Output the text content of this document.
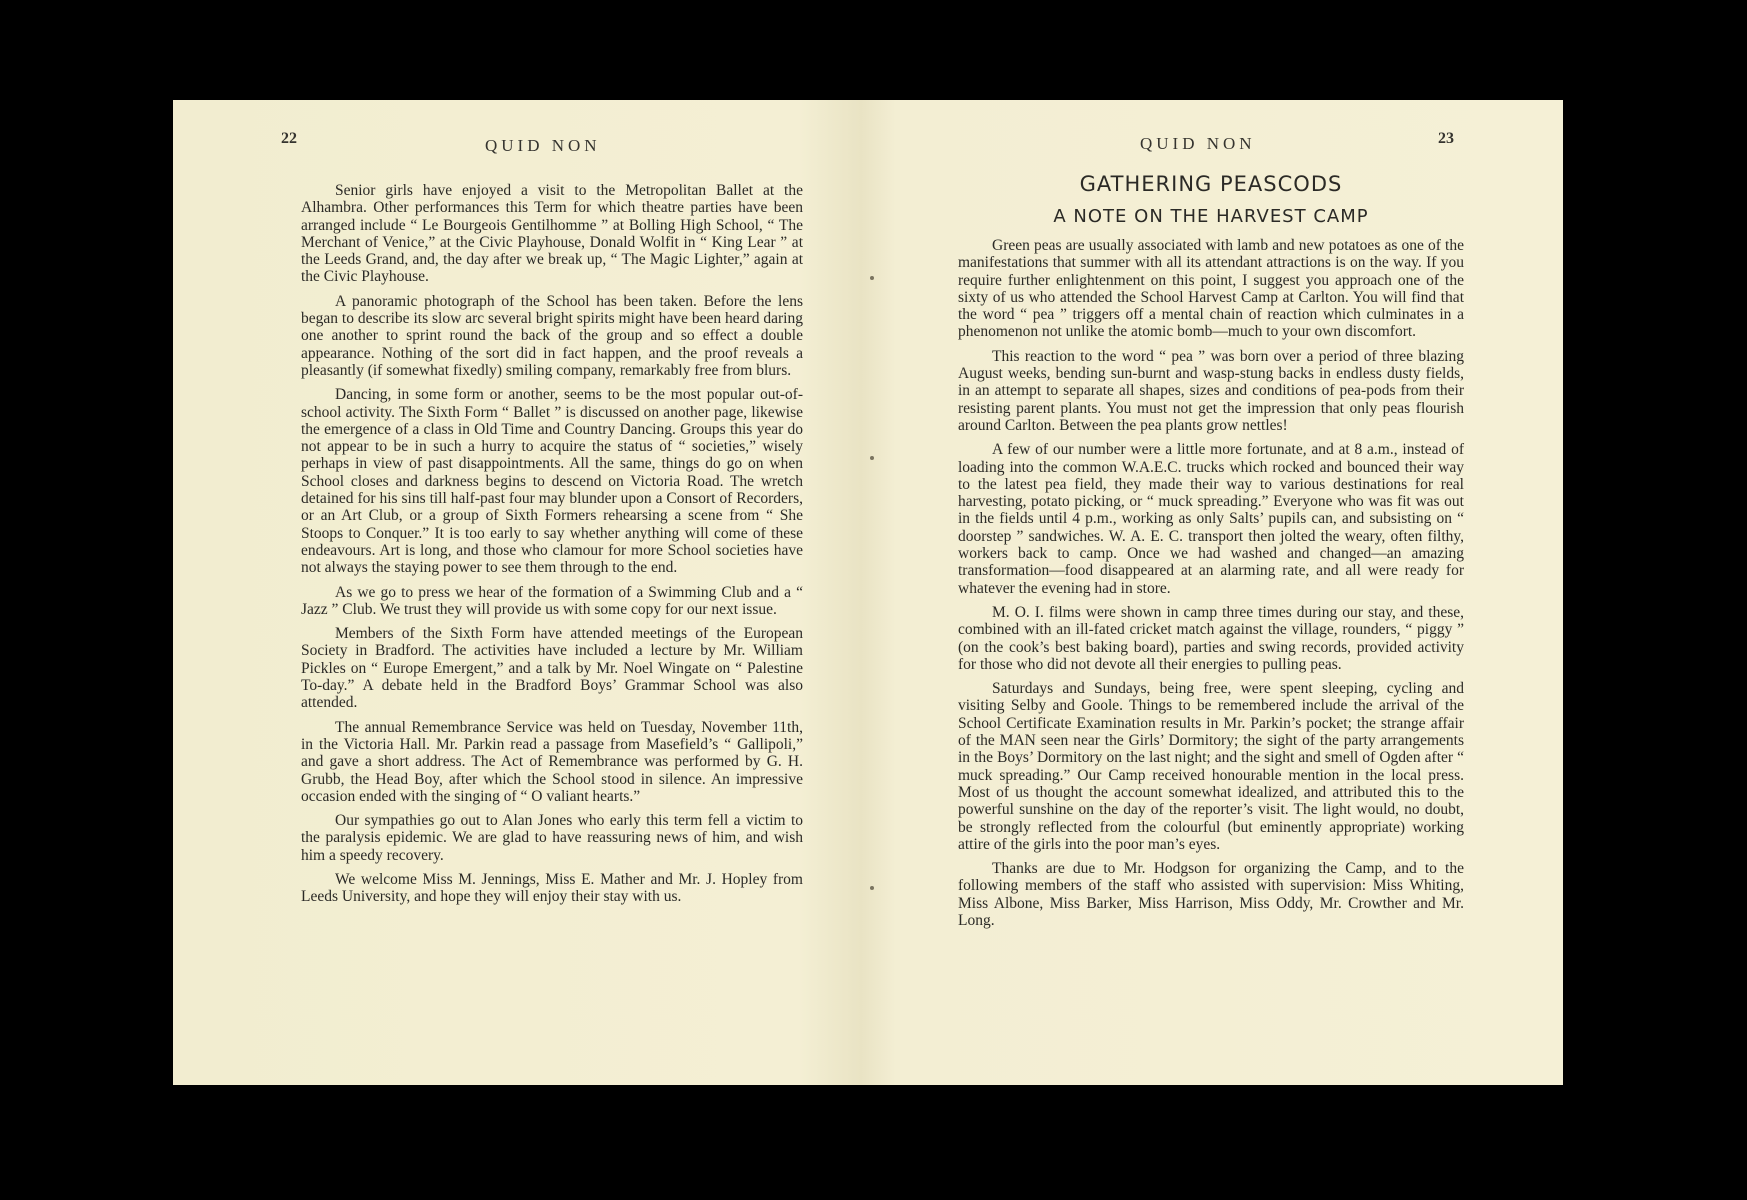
22	QUID NON

Senior girls have enjoyed a visit to the Metropolitan Ballet at the Alhambra. Other performances this Term for which theatre parties have been arranged include “ Le Bourgeois Gentilhomme ” at Bolling High School, “ The Merchant of Venice,” at the Civic Playhouse, Donald Wolfit in “ King Lear ” at the Leeds Grand, and, the day after we break up, “ The Magic Lighter,” again at the Civic Playhouse.

A panoramic photograph of the School has been taken. Before the lens began to describe its slow arc several bright spirits might have been heard daring one another to sprint round the back of the group and so effect a double appearance. Nothing of the sort did in fact happen, and the proof reveals a pleasantly (if somewhat fixedly) smiling company, remarkably free from blurs.

Dancing, in some form or another, seems to be the most popular out-of-school activity. The Sixth Form “ Ballet ” is discussed on another page, likewise the emergence of a class in Old Time and Country Dancing. Groups this year do not appear to be in such a hurry to acquire the status of “ societies,” wisely perhaps in view of past disappointments. All the same, things do go on when School closes and darkness begins to descend on Victoria Road. The wretch detained for his sins till half-past four may blunder upon a Consort of Recorders, or an Art Club, or a group of Sixth Formers rehearsing a scene from “ She Stoops to Conquer.” It is too early to say whether anything will come of these endeavours. Art is long, and those who clamour for more School societies have not always the staying power to see them through to the end.

As we go to press we hear of the formation of a Swimming Club and a “ Jazz ” Club. We trust they will provide us with some copy for our next issue.

Members of the Sixth Form have attended meetings of the European Society in Bradford. The activities have included a lecture by Mr. William Pickles on “ Europe Emergent,” and a talk by Mr. Noel Wingate on “ Palestine To-day.” A debate held in the Bradford Boys’ Grammar School was also attended.

The annual Remembrance Service was held on Tuesday, November 11th, in the Victoria Hall. Mr. Parkin read a passage from Masefield’s “ Gallipoli,” and gave a short address. The Act of Remembrance was performed by G. H. Grubb, the Head Boy, after which the School stood in silence. An impressive occasion ended with the singing of “ O valiant hearts.”

Our sympathies go out to Alan Jones who early this term fell a victim to the paralysis epidemic. We are glad to have reassuring news of him, and wish him a speedy recovery.

We welcome Miss M. Jennings, Miss E. Mather and Mr. J. Hopley from Leeds University, and hope they will enjoy their stay with us.

QUID NON	23
GATHERING PEASCODS
A NOTE ON THE HARVEST CAMP

Green peas are usually associated with lamb and new potatoes as one of the manifestations that summer with all its attendant attractions is on the way. If you require further enlightenment on this point, I suggest you approach one of the sixty of us who attended the School Harvest Camp at Carlton. You will find that the word “ pea ” triggers off a mental chain of reaction which culminates in a phenomenon not unlike the atomic bomb—much to your own discomfort.

This reaction to the word “ pea ” was born over a period of three blazing August weeks, bending sun-burnt and wasp-stung backs in endless dusty fields, in an attempt to separate all shapes, sizes and conditions of pea-pods from their resisting parent plants. You must not get the impression that only peas flourish around Carlton. Between the pea plants grow nettles!

A few of our number were a little more fortunate, and at 8 a.m., instead of loading into the common W.A.E.C. trucks which rocked and bounced their way to the latest pea field, they made their way to various destinations for real harvesting, potato picking, or “ muck spreading.” Everyone who was fit was out in the fields until 4 p.m., working as only Salts’ pupils can, and subsisting on “ doorstep ” sandwiches. W. A. E. C. transport then jolted the weary, often filthy, workers back to camp. Once we had washed and changed—an amazing transformation—food disappeared at an alarming rate, and all were ready for whatever the evening had in store.

M. O. I. films were shown in camp three times during our stay, and these, combined with an ill-fated cricket match against the village, rounders, “ piggy ” (on the cook’s best baking board), parties and swing records, provided activity for those who did not devote all their energies to pulling peas.

Saturdays and Sundays, being free, were spent sleeping, cycling and visiting Selby and Goole. Things to be remembered include the arrival of the School Certificate Examination results in Mr. Parkin’s pocket; the strange affair of the MAN seen near the Girls’ Dormitory; the sight of the party arrangements in the Boys’ Dormitory on the last night; and the sight and smell of Ogden after “ muck spreading.” Our Camp received honourable mention in the local press. Most of us thought the account somewhat idealized, and attributed this to the powerful sunshine on the day of the reporter’s visit. The light would, no doubt, be strongly reflected from the colourful (but eminently appropriate) working attire of the girls into the poor man’s eyes.

Thanks are due to Mr. Hodgson for organizing the Camp, and to the following members of the staff who assisted with supervision: Miss Whiting, Miss Albone, Miss Barker, Miss Harrison, Miss Oddy, Mr. Crowther and Mr. Long.
